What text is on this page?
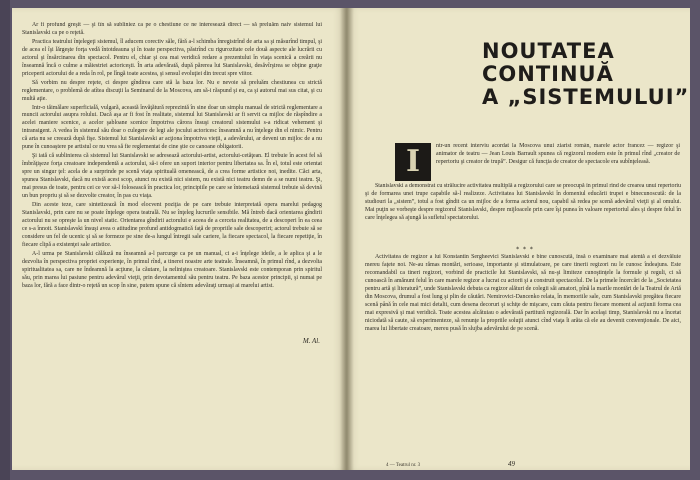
Ar fi profund greşit — şi tîn să subliniez ca pe o chestiune ce ne interesează direct — să preluăm naiv sistemul lui Stanislavski ca pe o reţetă.

Practica teatrului înţelegeţi sistemul, îl aducem corectiv săle, fără a-l schimba înregistrînd de arta sa şi măsurînd timpul, şi de acea el îşi lărgeşte forţa vedă întotdeauna şi în toate perspectiva, păstrînd cu rigurozitate cele două aspecte ale lucrării cu actorul şi însărcinarea din spectacol. Pentru el, chiar şi cea mai veridică redare a prezentului în viaţa scenică a creării nu înseamnă încă o culme a măiestriei actoriceşti. În arta adevărată, după părerea lui Stanislavski, desăvîrşirea se obţine graţie priceperii actorului de a reda în rol, pe lîngă toate acestea, şi sensul evoluţiei din trecut spre viitor.

Să vorbim nu despre reţete, ci despre gîndirea care stă la baza lor. Nu e nevoie să preluăm chestiunea cu strictă reglementare, o problemă de atîtea discuţii la Seminarul de la Moscova, am să-i răspund şi eu, ca şi autorul mai sus citat, şi cu multă aţie.

Intr-o tăimălare superficială, vulgară, această învăţătură reprezintă în sine doar un simplu manual de strictă reglementare a muncii actorului asupra rolului. Dacă aşa ar fi fost în realitate, sistemul lui Stanislavski ar fi servit ca mijloc de răspîndire a acelei maniere scenice, a acelor şabloane scenice împotriva cărora însuşi creatorul sistemului s-a ridicat vehement şi intransigent. A vedea în sistemul său doar o culegere de legi ale jocului actoricesc înseamnă a nu înţelege din el nimic. Pentru că arta nu se creează după fişe. Sistemul lui Stanislavski ar acţiona împotriva vieţii, a adevărului, ar deveni un mijloc de a nu pune în cunoaştere pe artistul ce nu vrea să fie reglementat de cine ştie ce canoane obligatorii.

Şi iată că sublinierea că sistemul lui Stanislavski se adresează actorului-artist, actorului-cetăţean. El trebuie în acest fel să îmbrăţişeze forţa creatoare independentă a actorului, să-i ofere un suport interior pentru libertatea sa. În el, totul este orientat spre un singur ţel: acela de a surprinde pe scenă viaţa spirituală omenească, de a crea forme artistice noi, inedite. Căci arta, spunea Stanislavski, dacă nu există acest scop, atunci nu există nici sistem, nu există nici teatru demn de a se numi teatru. Şi, mai presus de toate, pentru cei ce vor să-l folosească în practica lor, principiile pe care se întemeiază sistemul trebuie să devină un bun propriu şi să se dezvolte creator, în pas cu viaţa.

Din aceste teze, care sintetizează în mod elocvent poziţia de pe care trebuie interpretată opera marelui pedagog Stanislavski, prin care nu se poate înţelege opera teatrală. Nu se înţeleg lucrurile sensibile. Mă întreb dacă orientarea gîndirii actorului nu se opreşte la un nivel static. Orientarea gîndirii actorului e aceea de a cerceta realitatea, de a descoperi în ea ceea ce s-a înnoit. Stanislavski însuşi avea o atitudine profund antidogmatică faţă de propriile sale descoperiri; actorul trebuie să se considere un fel de ucenic şi să se formeze pe sine de-a lungul întregii sale cariere, la fiecare spectacol, la fiecare repetiţie, în fiecare clipă a existenţei sale artistice.

A-l urma pe Stanislavski călăuză nu înseamnă a-l parcurge ca pe un manual, ci a-i înţelege ideile, a le aplica şi a le dezvolta în perspectiva propriei experienţe, în primul rînd, a tinerei noastre arte teatrale. Înseamnă, în primul rînd, a dezvolta spiritualitatea sa, care ne îndeamnă la acţiune, la căutare, la neliniştea creatoare. Stanislavski este contemporan prin spiritul său, prin marea lui pasiune pentru adevărul vieţii, prin devotamentul său pentru teatru. Pe baza acestor principii, şi numai pe baza lor, fără a face dintr-o reţetă un scop în sine, putem spune că sîntem adevăraţi urmaşi ai marelui artist.

M. Al.
NOUTATEA
CONTINUĂ
A „SISTEMULUI”
I	ntr-un recent interviu acordat la Moscova unui ziarist român, marele actor francez — regizor şi animator de teatru — Jean Louis Barrault spunea că regizorul modern este în primul rînd „creator de repertoriu şi creator de trupă”. Desigur că funcţia de creator de spectacole era subînţeleasă.

Stanislavski a demonstrat cu strălucire activitatea multiplă a regizorului care se preocupă în primul rînd de crearea unui repertoriu şi de formarea unei trupe capabile să-l realizeze. Activitatea lui Stanislavski în domeniul educării trupei e binecunoscută: de la studiouri la „sistem”, totul a fost gîndit ca un mijloc de a forma actorul nou, capabil să redea pe scenă adevărul vieţii şi al omului. Mai puţin se vorbeşte despre regizorul Stanislavski, despre mijloacele prin care îşi punea în valoare repertoriul ales şi despre felul în care înţelegea să ajungă la sufletul spectatorului.

* * *

Activitatea de regizor a lui Konstantin Sergheevici Stanislavski e bine cunoscută, însă o examinare mai atentă a ei dezvăluie mereu faţete noi. Ne-au rămas montări, serioase, importante şi stimulatoare, pe care tinerii regizori nu le cunosc îndeajuns. Este recomandabil ca tineri regizori, vorbind de practicile lui Stanislavski, să nu-şi limiteze cunoştinţele la formule şi reguli, ci să cunoască în amănunt felul în care marele regizor a lucrat cu actorii şi a construit spectacolul. De la primele încercări de la „Societatea pentru artă şi literatură”, unde Stanislavski debuta ca regizor alături de colegii săi amatori, pînă la marile montări de la Teatrul de Artă din Moscova, drumul a fost lung şi plin de căutări. Nemirovici-Dancenko relata, în memoriile sale, cum Stanislavski pregătea fiecare scenă până în cele mai mici detalii, cum desena decoruri şi schiţe de mişcare, cum căuta pentru fiecare moment al acţiunii forma cea mai expresivă şi mai veridică. Toate acestea alcătuiau o adevărată partitură regizorală. Dar în acelaşi timp, Stanislavski nu a încetat niciodată să caute, să experimenteze, să renunţe la propriile soluţii atunci cînd viaţa îi arăta că ele au devenit convenţionale. De aici, marea lui libertate creatoare, mereu pusă în slujba adevărului de pe scenă.

4 — Teatrul nr. 3	49
